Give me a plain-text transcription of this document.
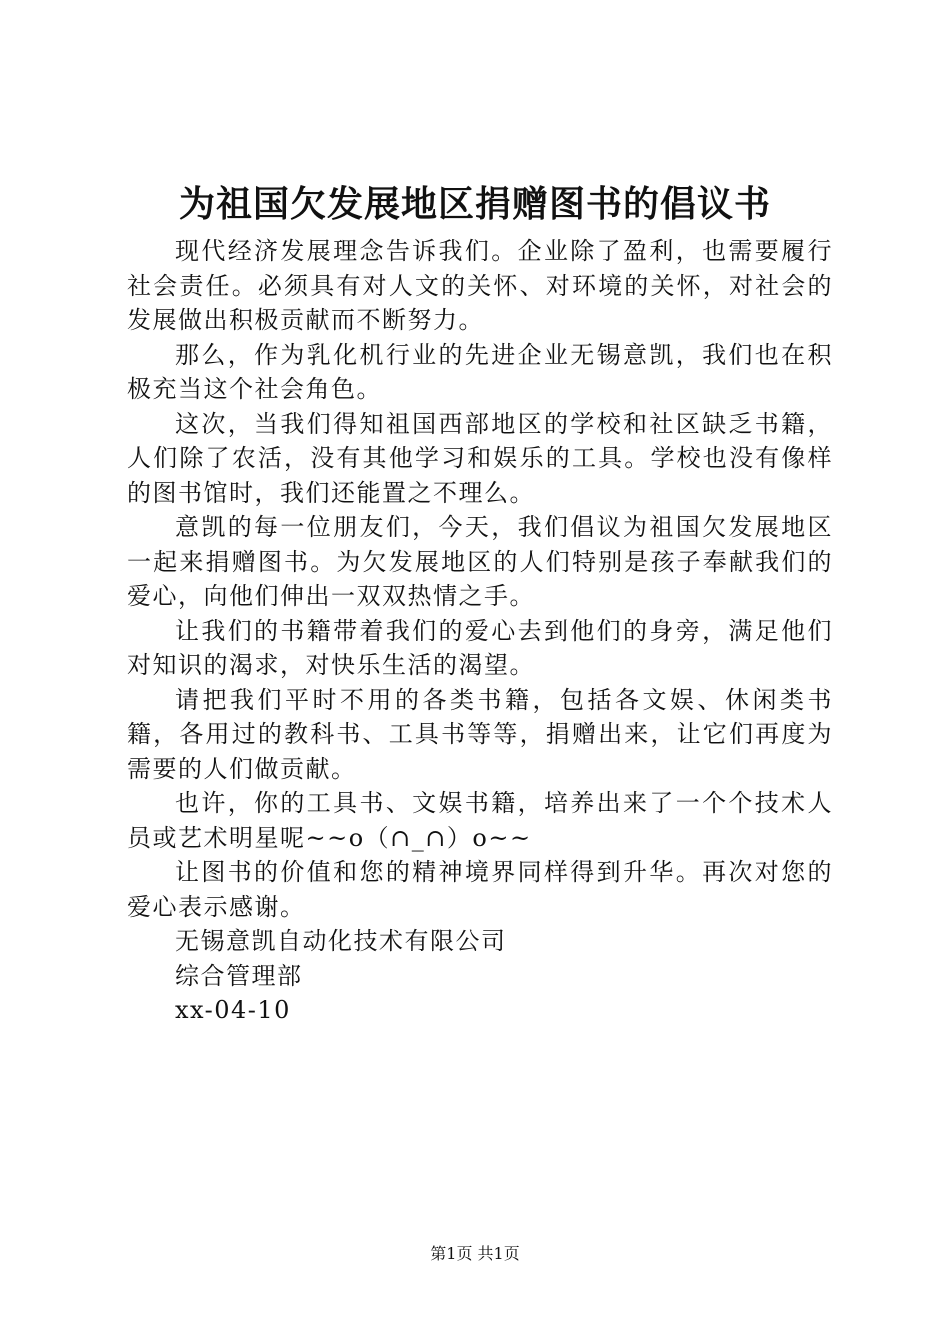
为祖国欠发展地区捐赠图书的倡议书

现代经济发展理念告诉我们。企业除了盈利，也需要履行社会责任。必须具有对人文的关怀、对环境的关怀，对社会的发展做出积极贡献而不断努力。

那么，作为乳化机行业的先进企业无锡意凯，我们也在积极充当这个社会角色。

这次，当我们得知祖国西部地区的学校和社区缺乏书籍，人们除了农活，没有其他学习和娱乐的工具。学校也没有像样的图书馆时，我们还能置之不理么。

意凯的每一位朋友们，今天，我们倡议为祖国欠发展地区一起来捐赠图书。为欠发展地区的人们特别是孩子奉献我们的爱心，向他们伸出一双双热情之手。

让我们的书籍带着我们的爱心去到他们的身旁，满足他们对知识的渴求，对快乐生活的渴望。

请把我们平时不用的各类书籍，包括各文娱、休闲类书籍，各用过的教科书、工具书等等，捐赠出来，让它们再度为需要的人们做贡献。

也许，你的工具书、文娱书籍，培养出来了一个个技术人员或艺术明星呢~~o（∩_∩）o~~

让图书的价值和您的精神境界同样得到升华。再次对您的爱心表示感谢。

无锡意凯自动化技术有限公司

综合管理部

xx-04-10

第1页 共1页
